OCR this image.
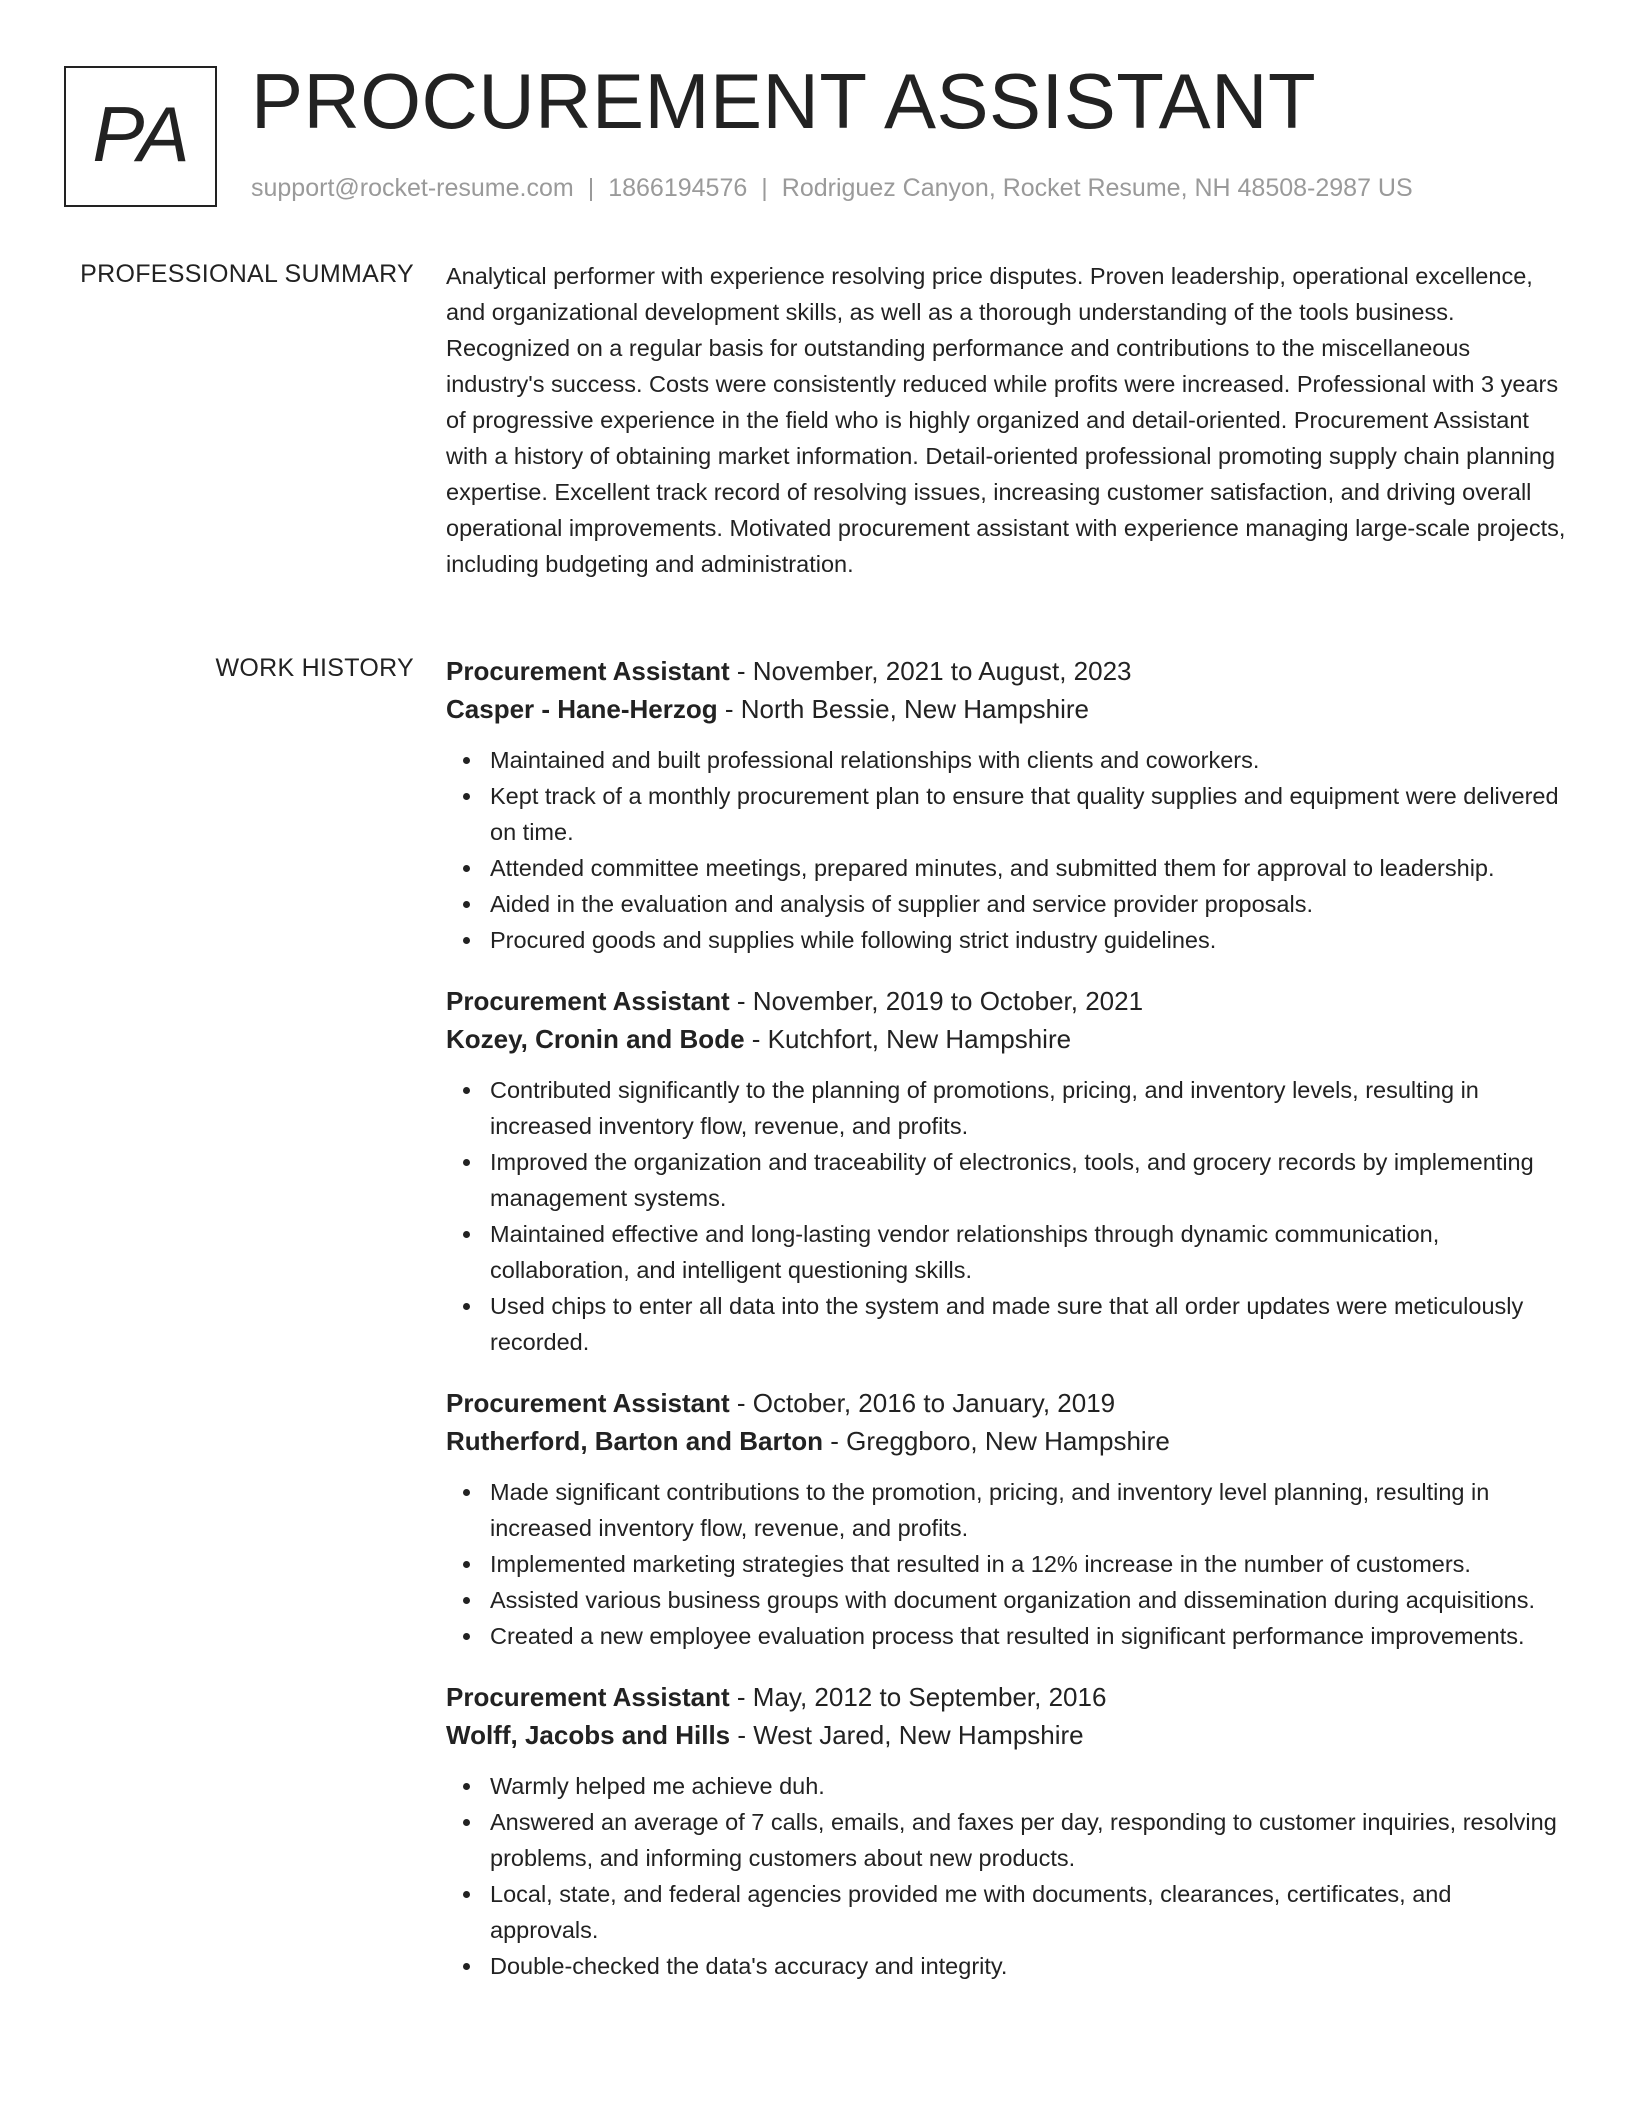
PA PROCUREMENT ASSISTANT
support@rocket-resume.com | 1866194576 | Rodriguez Canyon, Rocket Resume, NH 48508-2987 US
PROFESSIONAL SUMMARY Analytical performer with experience resolving price disputes. Proven leadership, operational excellence, and organizational development skills, as well as a thorough understanding of the tools business. Recognized on a regular basis for outstanding performance and contributions to the miscellaneous industry's success. Costs were consistently reduced while profits were increased. Professional with 3 years of progressive experience in the field who is highly organized and detail-oriented. Procurement Assistant with a history of obtaining market information. Detail-oriented professional promoting supply chain planning expertise. Excellent track record of resolving issues, increasing customer satisfaction, and driving overall operational improvements. Motivated procurement assistant with experience managing large-scale projects, including budgeting and administration.
WORK HISTORY Procurement Assistant - November, 2021 to August, 2023
Casper - Hane-Herzog - North Bessie, New Hampshire
Maintained and built professional relationships with clients and coworkers.
Kept track of a monthly procurement plan to ensure that quality supplies and equipment were delivered on time.
Attended committee meetings, prepared minutes, and submitted them for approval to leadership.
Aided in the evaluation and analysis of supplier and service provider proposals.
Procured goods and supplies while following strict industry guidelines.
Procurement Assistant - November, 2019 to October, 2021
Kozey, Cronin and Bode - Kutchfort, New Hampshire
Contributed significantly to the planning of promotions, pricing, and inventory levels, resulting in increased inventory flow, revenue, and profits.
Improved the organization and traceability of electronics, tools, and grocery records by implementing management systems.
Maintained effective and long-lasting vendor relationships through dynamic communication, collaboration, and intelligent questioning skills.
Used chips to enter all data into the system and made sure that all order updates were meticulously recorded.
Procurement Assistant - October, 2016 to January, 2019
Rutherford, Barton and Barton - Greggboro, New Hampshire
Made significant contributions to the promotion, pricing, and inventory level planning, resulting in increased inventory flow, revenue, and profits.
Implemented marketing strategies that resulted in a 12% increase in the number of customers.
Assisted various business groups with document organization and dissemination during acquisitions.
Created a new employee evaluation process that resulted in significant performance improvements.
Procurement Assistant - May, 2012 to September, 2016
Wolff, Jacobs and Hills - West Jared, New Hampshire
Warmly helped me achieve duh.
Answered an average of 7 calls, emails, and faxes per day, responding to customer inquiries, resolving problems, and informing customers about new products.
Local, state, and federal agencies provided me with documents, clearances, certificates, and approvals.
Double-checked the data's accuracy and integrity.
